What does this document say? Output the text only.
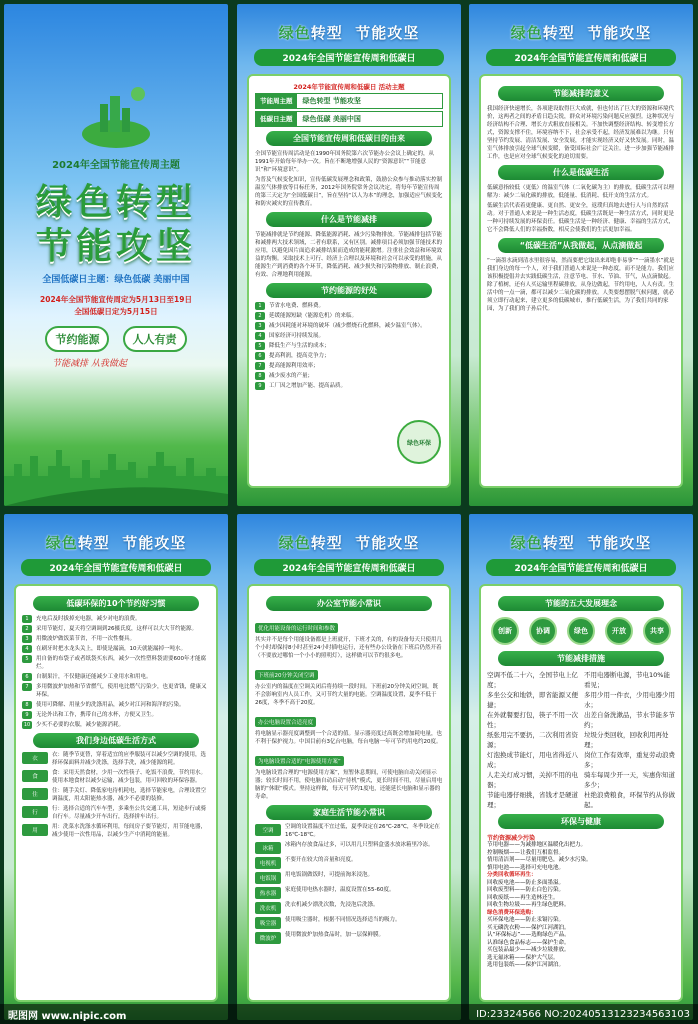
2024年全国节能宣传周主题
绿色转型
节能攻坚
全国低碳日主题：绿色低碳 美丽中国
2024年全国节能宣传周定为5月13日至19日
全国低碳日定为5月15日
节约能源	人人有责
节能减排 从我做起
绿色转型 节能攻坚
2024年全国节能宣传周和低碳日
2024年节能宣传周和低碳日 活动主题
节能周主题	绿色转型 节能攻坚
低碳日主题	绿色低碳 美丽中国
全国节能宣传周和低碳日的由来
全国节能宣传周活动是在1990年国务院第六次节能办公会议上确定的，从1991年开始每年举办一次。旨在不断地增强人民的“资源意识”“节能意识”和“环境意识”。
为普及气候变化知识，宣传低碳发展理念和政策，鼓励公众参与推动落实控制温室气体排放等目标任务，2012年国务院常务会议决定，将每年节能宣传周的第三天定为“全国低碳日”，旨在坚持“以人为本”的理念，加强适应气候变化和防灾减灾的宣传教育。
什么是节能减排
节能减排就是节约能源、降低能源消耗、减少污染物排放。节能减排包括节能和减排两大技术领域，二者有联系，又有区别。减排项目必须加强节能技术的应用，以避免因片面追求减排结果而造成的能耗激增。注重社会效益和环境效益的均衡。采取技术上可行、经济上合理以及环境和社会可以承受的措施，从能源生产到消费的各个环节，降低消耗、减少损失和污染物排放、制止浪费，有效、合理地利用能源。
节约能源的好处
1	节省水电费、燃料费。
2	延缓能源短缺（能源危机）的来临。
3	减少因耗能对环境的破坏（减少燃烧石化燃料，减少温室气体）。
4	国家经济可持续发展。
5	降低生产与生活的成本；
6	提高利润，提高竞争力；
7	提高能源利用效率；
8	减少废水的产量；
9	工厂因之增加产能、提高品质。
绿色环保
绿色转型 节能攻坚
2024年全国节能宣传周和低碳日
节能减排的意义
我国经济快速增长，各项建设取得巨大成就，但也付出了巨大的资源和环境代价，这两者之间的矛盾日趋尖锐，群众对环境污染问题反应强烈。这种状况与经济结构不合理、增长方式粗放直接相关。不加快调整经济结构、转变增长方式，资源支撑不住，环境容纳不下，社会承受不起，经济发展难以为继。只有坚持节约发展、清洁发展、安全发展，才能实现经济又好又快发展。同时，温室气体排放引起全球气候变暖，备受国际社会广泛关注。进一步加强节能减排工作，也是应对全球气候变化的迫切需要。
什么是低碳生活
低碳意指较低（更低）的温室气体（二氧化碳为主）的排放，低碳生活可以理解为：减少二氧化碳的排放，低能量、低消耗、低开支的生活方式。
低碳生活代表着更健康、更自然、更安全，返璞归真地去进行人与自然的活动。对于普通人来说是一种生活态度，低碳生活既是一种生活方式，同时更是一种可持续发展的环保责任。低碳生活是一种经济、健康、幸福的生活方式，它不会降低人们的幸福指数，相反会使我们的生活更加幸福。
“低碳生活”从我做起，从点滴做起
“一滴墨水滴到清水里很容易，然而要把它取出来却绝非易事”“一滴墨水”就是我们身边的每一个人，对于我们普通人来说是一种态度，而不是能力。我们应该积极提倡并去实践低碳生活，注意节电、节水、节油、节气，从点滴做起。除了植树，还有人买运输里程碳排放，从身边做起，节约用电，人人有责。生活中的一点一滴，都可以减少二氧化碳的排放。人类要想摆脱气候问题，就必须立即行动起来，建立更多的低碳城市，推行低碳生活，为了我们共同的家园，为了我们的子孙后代。
绿色转型 节能攻坚
2024年全国节能宣传周和低碳日
低碳环保的10个节约好习惯
1	充电后及时拔掉充电器，减少对电的浪费。
2	采用节能灯，夏天将空调调到26摄氏度，这样可以大大节约能源。
3	用微波炉做饭菜节省，不用一次性餐具。
4	在刷牙时把水龙头关上，即使是漏滴，10天就能漏掉一吨水。
5	用自备的布袋子或者纸袋买东西，减少一次性塑料袋需要600年才能腐烂。
6	自制果汁，不仅健康还能减少工业用水和用电。
7	多用微波炉加热和节省燃气，使用电比燃气污染少，也更省钱，健康又环保。
8	使用可降解、用量少的洗涤用品，减少对江河和海洋的污染。
9	无论外出和工作，携带自己的水杯，方便又卫生。
10	少买不必要的衣服，减少能源消耗。
我们身边低碳生活方式
衣
衣：随季节更替，穿着适宜的应季服装可以减少空调的使用，选择环保面料并减少洗涤，选择手洗，减少能源的耗。
食
食：采用天然食材，少用一次性筷子、吃饭不浪费，节约用水。使用本地食材以减少运输，减少包装，用可回收的环保容器。
住
住：随手关灯、降低家电待机耗电，选择节能家电，合理设置空调温度，用太阳能热水器，减少不必要的装修。
行
行：选择合适的汽车车型，多乘坐公共交通工具，短途步行或骑自行车。尽量减少开车出行，选择拼车出行。
用
用：洗菜水洗涤水循环利用，每间房子要节能灯，用节能电器，减少使用一次性用品，以减少生产中消耗的能量。
绿色转型 节能攻坚
2024年全国节能宣传周和低碳日
办公室节能小常识
优化用能设备的运行时间和参数
其实并不是每个用能设备都是上班就开，下班才关的，有的设备每天只使用几个小时却保持8小时甚至24小时插电运行，还有些办公设备在下班后仍然开着（不要放过哪怕一个小小的照明灯），这样做可以节约很多电。
下班前20分钟关闭空调
办公室内的温度在空调关闭后将持续一段时间。下班前20分钟关闭空调，既不会影响室内人员工作，又可节约大量的电能。空调温度设置，夏季不低于26度，冬季不高于20度。
办公电脑设置合适亮度
将电脑显示器亮度调整到一个合适的值。显示器亮度过高既会增加耗电量，也不利于保护视力。中国目前有3亿台电脑，每台电脑一年可节约用电约20度。
为电脑设置合适的“电源使用方案”
为电脑设置合理的“电源使用方案”，短暂休息期间，可使电脑自动关闭显示器；较长时间不用，使电脑自动启动“待机”模式，更长时间不用，尽量启用电脑的“休眠”模式。坚持这样做，每天可节约1度电，还能延长电脑和显示器的寿命。
家庭生活节能小常识
空调
空调的设置温度不宜过低，夏季设定在26℃-28℃，冬季设定在16℃-18℃。
冰箱
冰箱内存放食品过多，可以用几只塑料盒盛水放冰箱里冷冻。
电视机
不要开在较大的音量和亮度。
电饭锅
用电饭锅做饭时，可提前淘米浸泡。
热水器
家庭使用电热水器时，温度设置在55-60度。
洗衣机
洗衣机减少漂洗次数，先浸泡后洗涤。
吸尘器
使用吸尘器时，根据不同情况选择适当的吸力。
微波炉
使用微波炉加热食品时，加一层保鲜膜。
绿色转型 节能攻坚
2024年全国节能宣传周和低碳日
节能的五大发展理念
创新	协调	绿色	开放	共享
节能减排措施
空调不低二十六，全国节电上亿度；
多坐公交和地铁，即省能源又便捷；
在外就餐要打包，筷子不用一次性；
纸张用完不要扔，二次利用省资源；
灯泡换成节能灯，用电省得近八成；
人走关灯成习惯，关掉不用的电器；
节能电器仔细挑，省钱才是硬道理；
不用电器断电源，节电10%能看见；
多用少用一件衣，少用电器少用水；
出差自备洗漱品，节水节能多节约；
垃圾分类回收，回收利用再处理；
岗位工作有效率，重复劳动浪费多；
骑车每周少开一天，实惠你知道多少；
杜绝浪费粮食，环保节约从你做起。
环保与健康
节约资源减少污染
节用电器——为减排地区温暖化出把力。
控制吸烟——让我们互相监督。
情用清洁剂——尽量用肥皂，减少水污染。
慎用电池——选择可充电电池。
分类回收循环再生：
回收废电池——防止多面墨溢。
回收废塑料——防止白色污染。
回收废纸——再生造林还生。
回收生物垃圾——再生绿色肥料。
绿色消费环保选购：
买环保电池——防止汞镉污染。
买无磷洗衣粉——保护江河湖泊。
认“环保标志”——选购绿色产品。
认准绿色食品标志——保护生命。
买包装品最少——减少垃圾排放。
选无氟冰箱——保护大气层。
选用包装纸——保护江河湖泊。
昵图网 www.nipic.com	ID:23324566 NO:20240513123234563103
